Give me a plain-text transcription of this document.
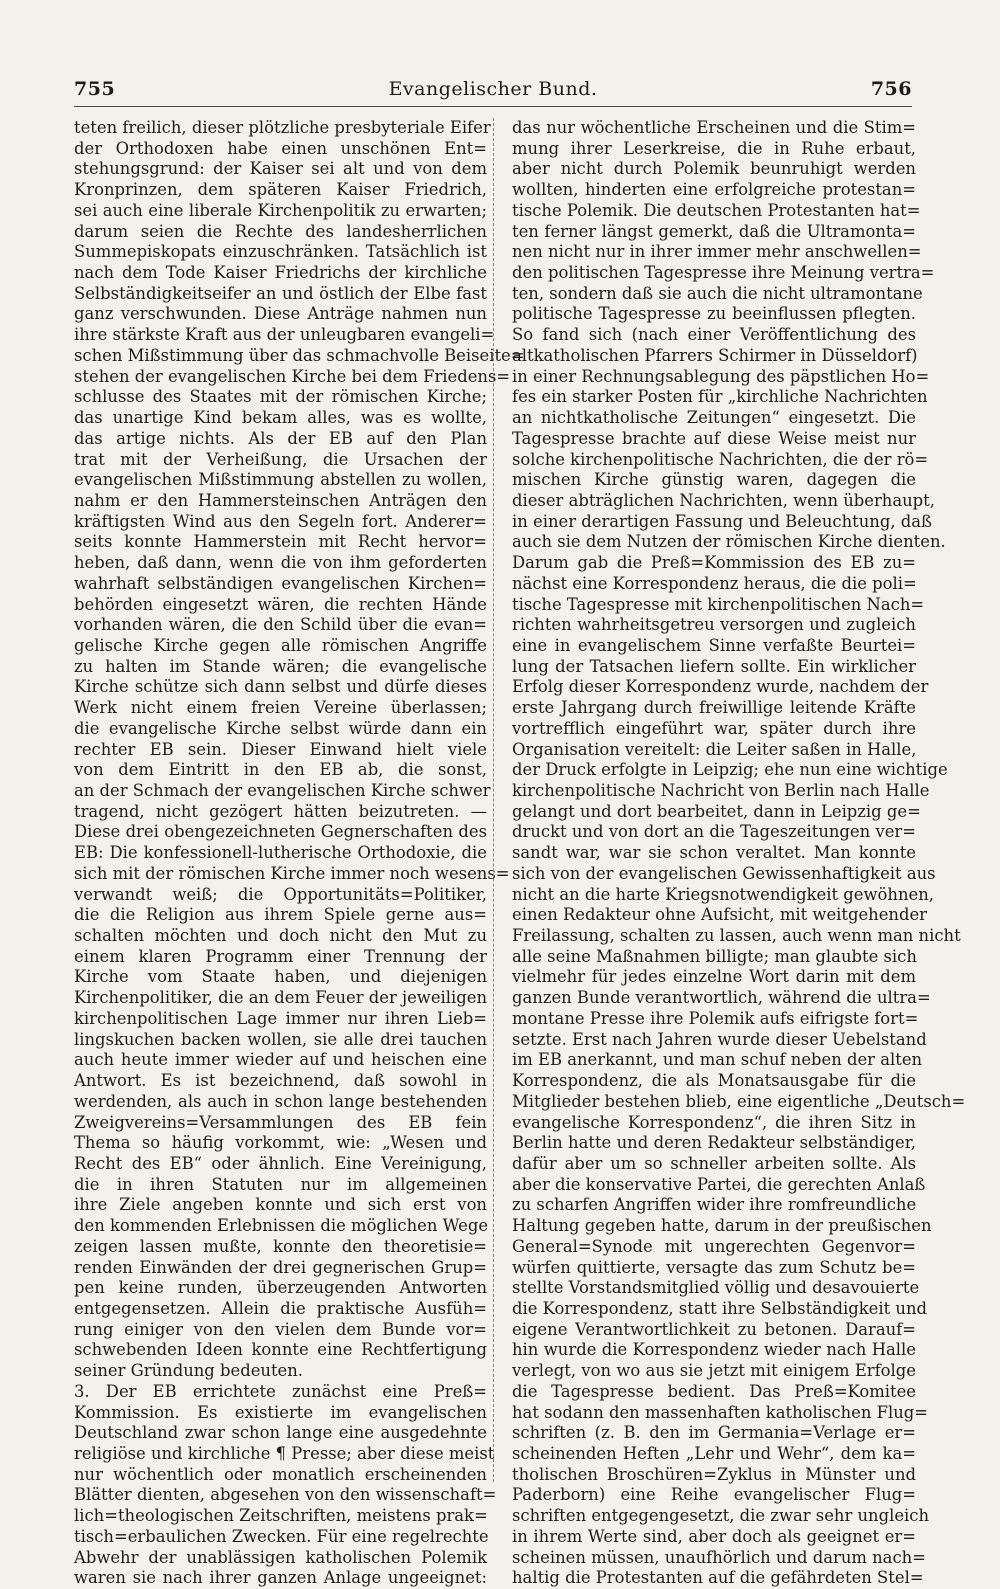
755	Evangelischer Bund.	756
teten freilich, dieser plötzliche presbyteriale Eifer
der Orthodoxen habe einen unschönen Ent=
stehungsgrund: der Kaiser sei alt und von dem
Kronprinzen, dem späteren Kaiser Friedrich,
sei auch eine liberale Kirchenpolitik zu erwarten;
darum seien die Rechte des landesherrlichen
Summepiskopats einzuschränken. Tatsächlich ist
nach dem Tode Kaiser Friedrichs der kirchliche
Selbständigkeitseifer an und östlich der Elbe fast
ganz verschwunden. Diese Anträge nahmen nun
ihre stärkste Kraft aus der unleugbaren evangeli=
schen Mißstimmung über das schmachvolle Beiseite=
stehen der evangelischen Kirche bei dem Friedens=
schlusse des Staates mit der römischen Kirche;
das unartige Kind bekam alles, was es wollte,
das artige nichts. Als der EB auf den Plan
trat mit der Verheißung, die Ursachen der
evangelischen Mißstimmung abstellen zu wollen,
nahm er den Hammersteinschen Anträgen den
kräftigsten Wind aus den Segeln fort. Anderer=
seits konnte Hammerstein mit Recht hervor=
heben, daß dann, wenn die von ihm geforderten
wahrhaft selbständigen evangelischen Kirchen=
behörden eingesetzt wären, die rechten Hände
vorhanden wären, die den Schild über die evan=
gelische Kirche gegen alle römischen Angriffe
zu halten im Stande wären; die evangelische
Kirche schütze sich dann selbst und dürfe dieses
Werk nicht einem freien Vereine überlassen;
die evangelische Kirche selbst würde dann ein
rechter EB sein. Dieser Einwand hielt viele
von dem Eintritt in den EB ab, die sonst,
an der Schmach der evangelischen Kirche schwer
tragend, nicht gezögert hätten beizutreten. —
Diese drei obengezeichneten Gegnerschaften des
EB: Die konfessionell-lutherische Orthodoxie, die
sich mit der römischen Kirche immer noch wesens=
verwandt weiß; die Opportunitäts=Politiker,
die die Religion aus ihrem Spiele gerne aus=
schalten möchten und doch nicht den Mut zu
einem klaren Programm einer Trennung der
Kirche vom Staate haben, und diejenigen
Kirchenpolitiker, die an dem Feuer der jeweiligen
kirchenpolitischen Lage immer nur ihren Lieb=
lingskuchen backen wollen, sie alle drei tauchen
auch heute immer wieder auf und heischen eine
Antwort. Es ist bezeichnend, daß sowohl in
werdenden, als auch in schon lange bestehenden
Zweigvereins=Versammlungen des EB fein
Thema so häufig vorkommt, wie: „Wesen und
Recht des EB“ oder ähnlich. Eine Vereinigung,
die in ihren Statuten nur im allgemeinen
ihre Ziele angeben konnte und sich erst von
den kommenden Erlebnissen die möglichen Wege
zeigen lassen mußte, konnte den theoretisie=
renden Einwänden der drei gegnerischen Grup=
pen keine runden, überzeugenden Antworten
entgegensetzen. Allein die praktische Ausfüh=
rung einiger von den vielen dem Bunde vor=
schwebenden Ideen konnte eine Rechtfertigung
seiner Gründung bedeuten.
3. Der EB errichtete zunächst eine Preß=
Kommission. Es existierte im evangelischen
Deutschland zwar schon lange eine ausgedehnte
religiöse und kirchliche ¶ Presse; aber diese meist
nur wöchentlich oder monatlich erscheinenden
Blätter dienten, abgesehen von den wissenschaft=
lich=theologischen Zeitschriften, meistens prak=
tisch=erbaulichen Zwecken. Für eine regelrechte
Abwehr der unablässigen katholischen Polemik
waren sie nach ihrer ganzen Anlage ungeeignet:
das nur wöchentliche Erscheinen und die Stim=
mung ihrer Leserkreise, die in Ruhe erbaut,
aber nicht durch Polemik beunruhigt werden
wollten, hinderten eine erfolgreiche protestan=
tische Polemik. Die deutschen Protestanten hat=
ten ferner längst gemerkt, daß die Ultramonta=
nen nicht nur in ihrer immer mehr anschwellen=
den politischen Tagespresse ihre Meinung vertra=
ten, sondern daß sie auch die nicht ultramontane
politische Tagespresse zu beeinflussen pflegten.
So fand sich (nach einer Veröffentlichung des
altkatholischen Pfarrers Schirmer in Düsseldorf)
in einer Rechnungsablegung des päpstlichen Ho=
fes ein starker Posten für „kirchliche Nachrichten
an nichtkatholische Zeitungen“ eingesetzt. Die
Tagespresse brachte auf diese Weise meist nur
solche kirchenpolitische Nachrichten, die der rö=
mischen Kirche günstig waren, dagegen die
dieser abträglichen Nachrichten, wenn überhaupt,
in einer derartigen Fassung und Beleuchtung, daß
auch sie dem Nutzen der römischen Kirche dienten.
Darum gab die Preß=Kommission des EB zu=
nächst eine Korrespondenz heraus, die die poli=
tische Tagespresse mit kirchenpolitischen Nach=
richten wahrheitsgetreu versorgen und zugleich
eine in evangelischem Sinne verfaßte Beurtei=
lung der Tatsachen liefern sollte. Ein wirklicher
Erfolg dieser Korrespondenz wurde, nachdem der
erste Jahrgang durch freiwillige leitende Kräfte
vortrefflich eingeführt war, später durch ihre
Organisation vereitelt: die Leiter saßen in Halle,
der Druck erfolgte in Leipzig; ehe nun eine wichtige
kirchenpolitische Nachricht von Berlin nach Halle
gelangt und dort bearbeitet, dann in Leipzig ge=
druckt und von dort an die Tageszeitungen ver=
sandt war, war sie schon veraltet. Man konnte
sich von der evangelischen Gewissenhaftigkeit aus
nicht an die harte Kriegsnotwendigkeit gewöhnen,
einen Redakteur ohne Aufsicht, mit weitgehender
Freilassung, schalten zu lassen, auch wenn man nicht
alle seine Maßnahmen billigte; man glaubte sich
vielmehr für jedes einzelne Wort darin mit dem
ganzen Bunde verantwortlich, während die ultra=
montane Presse ihre Polemik aufs eifrigste fort=
setzte. Erst nach Jahren wurde dieser Uebelstand
im EB anerkannt, und man schuf neben der alten
Korrespondenz, die als Monatsausgabe für die
Mitglieder bestehen blieb, eine eigentliche „Deutsch=
evangelische Korrespondenz“, die ihren Sitz in
Berlin hatte und deren Redakteur selbständiger,
dafür aber um so schneller arbeiten sollte. Als
aber die konservative Partei, die gerechten Anlaß
zu scharfen Angriffen wider ihre romfreundliche
Haltung gegeben hatte, darum in der preußischen
General=Synode mit ungerechten Gegenvor=
würfen quittierte, versagte das zum Schutz be=
stellte Vorstandsmitglied völlig und desavouierte
die Korrespondenz, statt ihre Selbständigkeit und
eigene Verantwortlichkeit zu betonen. Darauf=
hin wurde die Korrespondenz wieder nach Halle
verlegt, von wo aus sie jetzt mit einigem Erfolge
die Tagespresse bedient. Das Preß=Komitee
hat sodann den massenhaften katholischen Flug=
schriften (z. B. den im Germania=Verlage er=
scheinenden Heften „Lehr und Wehr“, dem ka=
tholischen Broschüren=Zyklus in Münster und
Paderborn) eine Reihe evangelischer Flug=
schriften entgegengesetzt, die zwar sehr ungleich
in ihrem Werte sind, aber doch als geeignet er=
scheinen müssen, unaufhörlich und darum nach=
haltig die Protestanten auf die gefährdeten Stel=
